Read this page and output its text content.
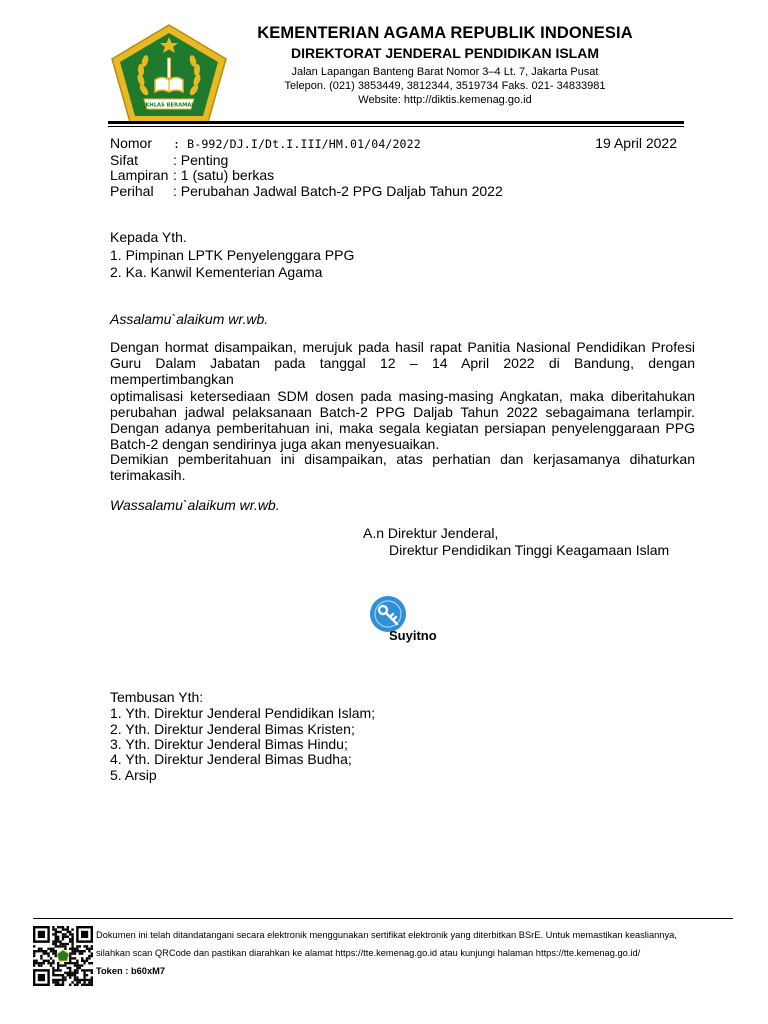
IKHLAS BERAMAL
KEMENTERIAN AGAMA REPUBLIK INDONESIA
DIREKTORAT JENDERAL PENDIDIKAN ISLAM
Jalan Lapangan Banteng Barat Nomor 3–4 Lt. 7, Jakarta Pusat
Telepon. (021) 3853449, 3812344, 3519734 Faks. 021- 34833981
Website: http://diktis.kemenag.go.id
Nomor : B-992/DJ.I/Dt.I.III/HM.01/04/2022	19 April 2022
Sifat : Penting
Lampiran : 1 (satu) berkas
Perihal : Perubahan Jadwal Batch-2 PPG Daljab Tahun 2022
Kepada Yth.
1. Pimpinan LPTK Penyelenggara PPG
2. Ka. Kanwil Kementerian Agama
Assalamu`alaikum wr.wb.
Dengan hormat disampaikan, merujuk pada hasil rapat Panitia Nasional Pendidikan Profesi
Guru Dalam Jabatan pada tanggal 12 – 14 April 2022 di Bandung, dengan mempertimbangkan
optimalisasi ketersediaan SDM dosen pada masing-masing Angkatan, maka diberitahukan
perubahan jadwal pelaksanaan Batch-2 PPG Daljab Tahun 2022 sebagaimana terlampir.
Dengan adanya pemberitahuan ini, maka segala kegiatan persiapan penyelenggaraan PPG
Batch-2 dengan sendirinya juga akan menyesuaikan.
Demikian pemberitahuan ini disampaikan, atas perhatian dan kerjasamanya dihaturkan
terimakasih.
Wassalamu`alaikum wr.wb.
A.n Direktur Jenderal,
Direktur Pendidikan Tinggi Keagamaan Islam
Suyitno
Tembusan Yth:
1. Yth. Direktur Jenderal Pendidikan Islam;
2. Yth. Direktur Jenderal Bimas Kristen;
3. Yth. Direktur Jenderal Bimas Hindu;
4. Yth. Direktur Jenderal Bimas Budha;
5. Arsip
Dokumen ini telah ditandatangani secara elektronik menggunakan sertifikat elektronik yang diterbitkan BSrE. Untuk memastikan keasliannya,
silahkan scan QRCode dan pastikan diarahkan ke alamat https://tte.kemenag.go.id atau kunjungi halaman https://tte.kemenag.go.id/
Token : b60xM7
